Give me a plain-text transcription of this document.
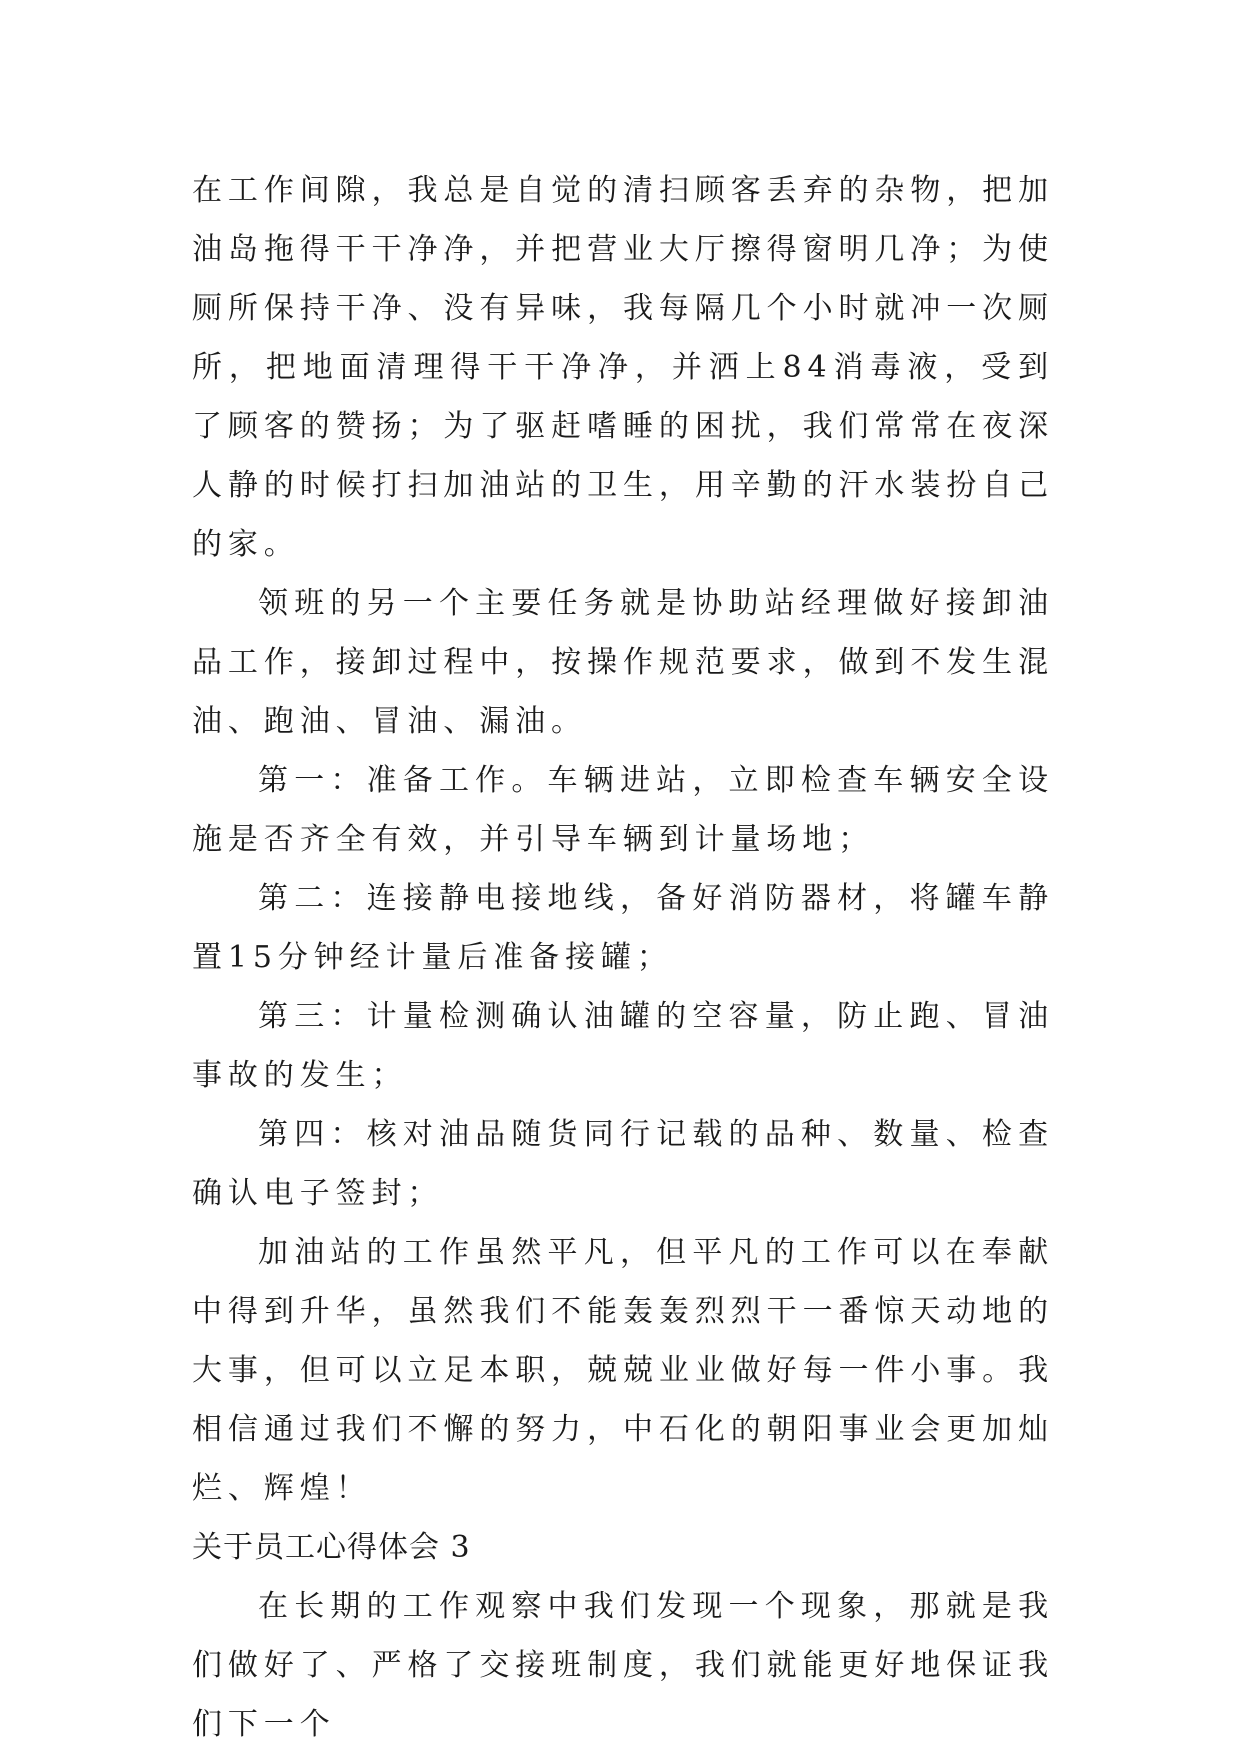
在工作间隙，我总是自觉的清扫顾客丢弃的杂物，把加油岛拖得干干净净，并把营业大厅擦得窗明几净；为使厕所保持干净、没有异味，我每隔几个小时就冲一次厕所，把地面清理得干干净净，并洒上84消毒液，受到了顾客的赞扬；为了驱赶嗜睡的困扰，我们常常在夜深人静的时候打扫加油站的卫生，用辛勤的汗水装扮自己的家。

领班的另一个主要任务就是协助站经理做好接卸油品工作，接卸过程中，按操作规范要求，做到不发生混油、跑油、冒油、漏油。

第一：准备工作。车辆进站，立即检查车辆安全设施是否齐全有效，并引导车辆到计量场地；

第二：连接静电接地线，备好消防器材，将罐车静置15分钟经计量后准备接罐；

第三：计量检测确认油罐的空容量，防止跑、冒油事故的发生；

第四：核对油品随货同行记载的品种、数量、检查确认电子签封；

加油站的工作虽然平凡，但平凡的工作可以在奉献中得到升华，虽然我们不能轰轰烈烈干一番惊天动地的大事，但可以立足本职，兢兢业业做好每一件小事。我相信通过我们不懈的努力，中石化的朝阳事业会更加灿烂、辉煌！

关于员工心得体会 3

在长期的工作观察中我们发现一个现象，那就是我们做好了、严格了交接班制度，我们就能更好地保证我们下一个
